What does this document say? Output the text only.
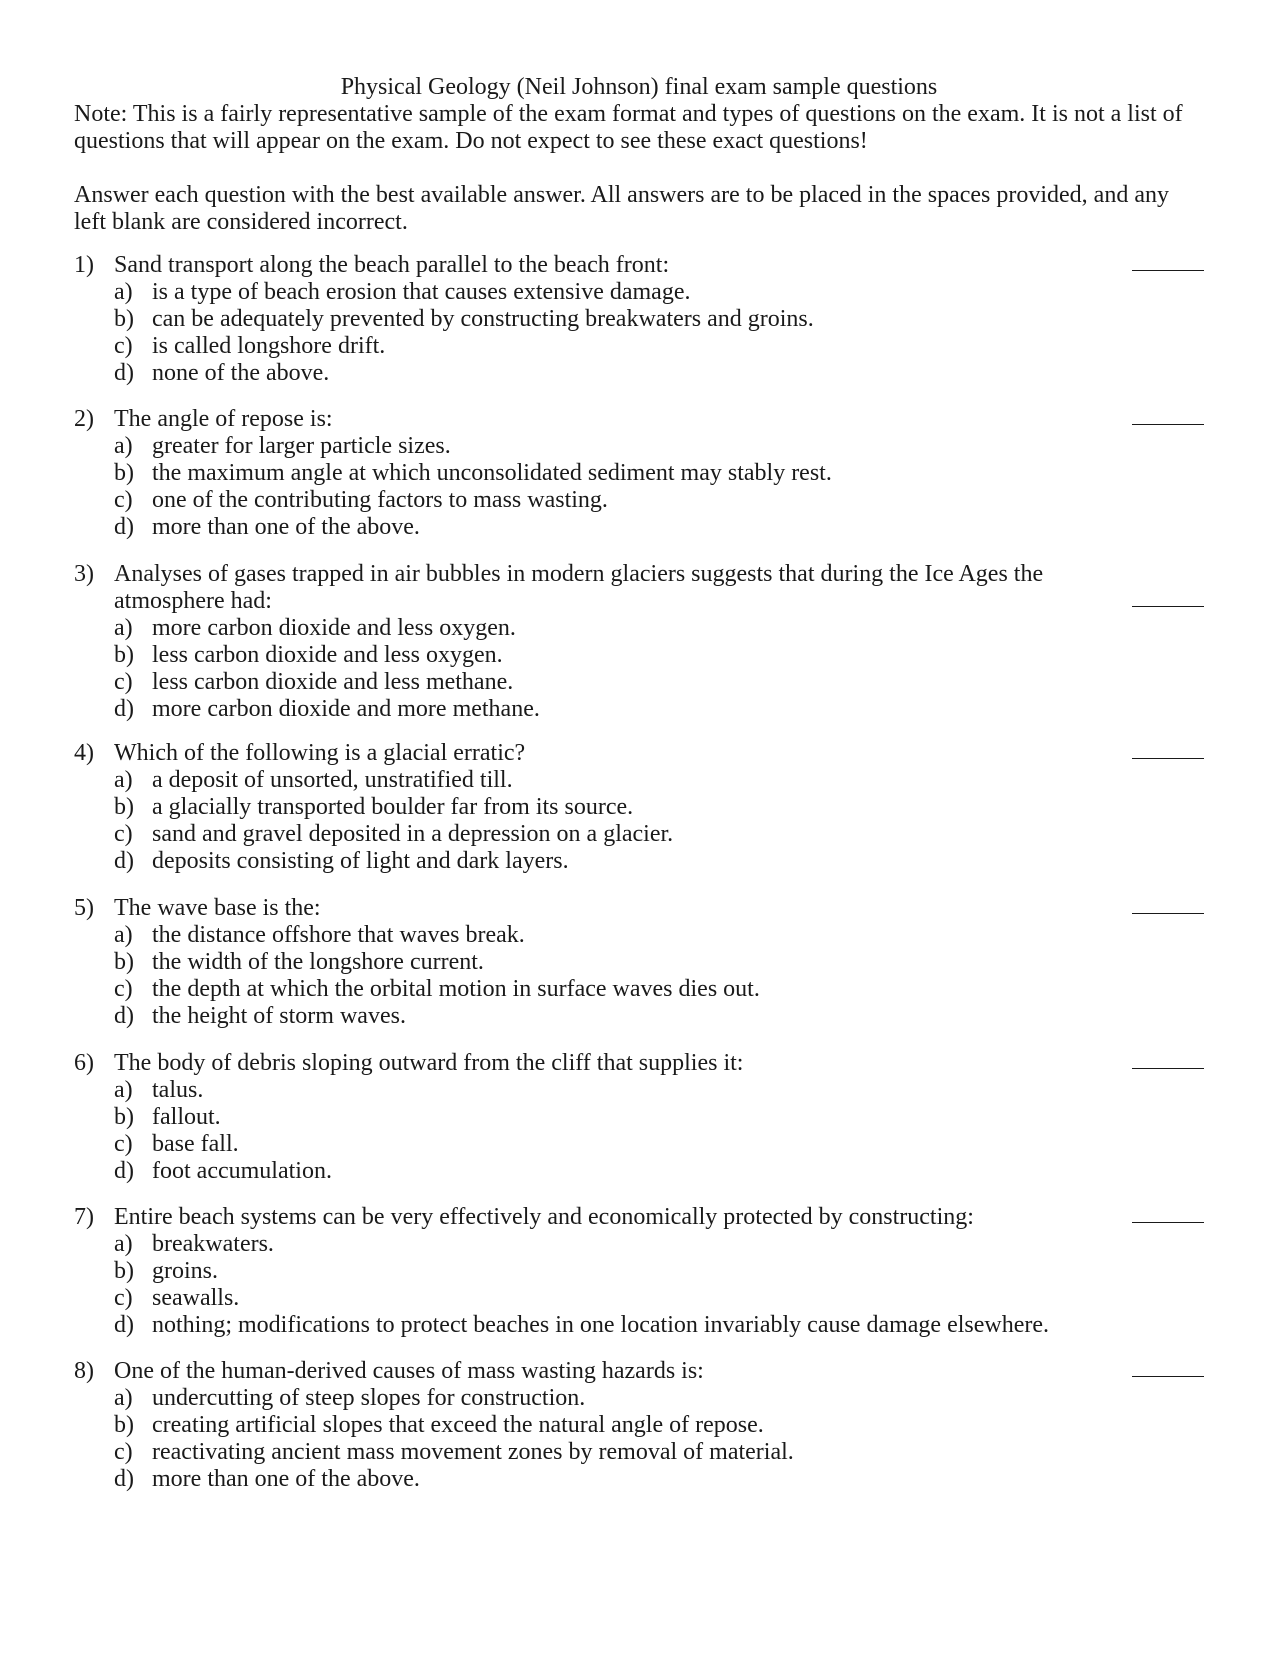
Physical Geology (Neil Johnson) final exam sample questions
Note: This is a fairly representative sample of the exam format and types of questions on the exam. It is not a list of questions that will appear on the exam. Do not expect to see these exact questions!
Answer each question with the best available answer. All answers are to be placed in the spaces provided, and any left blank are considered incorrect.
1) Sand transport along the beach parallel to the beach front:
a) is a type of beach erosion that causes extensive damage.
b) can be adequately prevented by constructing breakwaters and groins.
c) is called longshore drift.
d) none of the above.
2) The angle of repose is:
a) greater for larger particle sizes.
b) the maximum angle at which unconsolidated sediment may stably rest.
c) one of the contributing factors to mass wasting.
d) more than one of the above.
3) Analyses of gases trapped in air bubbles in modern glaciers suggests that during the Ice Ages the atmosphere had:
a) more carbon dioxide and less oxygen.
b) less carbon dioxide and less oxygen.
c) less carbon dioxide and less methane.
d) more carbon dioxide and more methane.
4) Which of the following is a glacial erratic?
a) a deposit of unsorted, unstratified till.
b) a glacially transported boulder far from its source.
c) sand and gravel deposited in a depression on a glacier.
d) deposits consisting of light and dark layers.
5) The wave base is the:
a) the distance offshore that waves break.
b) the width of the longshore current.
c) the depth at which the orbital motion in surface waves dies out.
d) the height of storm waves.
6) The body of debris sloping outward from the cliff that supplies it:
a) talus.
b) fallout.
c) base fall.
d) foot accumulation.
7) Entire beach systems can be very effectively and economically protected by constructing:
a) breakwaters.
b) groins.
c) seawalls.
d) nothing; modifications to protect beaches in one location invariably cause damage elsewhere.
8) One of the human-derived causes of mass wasting hazards is:
a) undercutting of steep slopes for construction.
b) creating artificial slopes that exceed the natural angle of repose.
c) reactivating ancient mass movement zones by removal of material.
d) more than one of the above.
